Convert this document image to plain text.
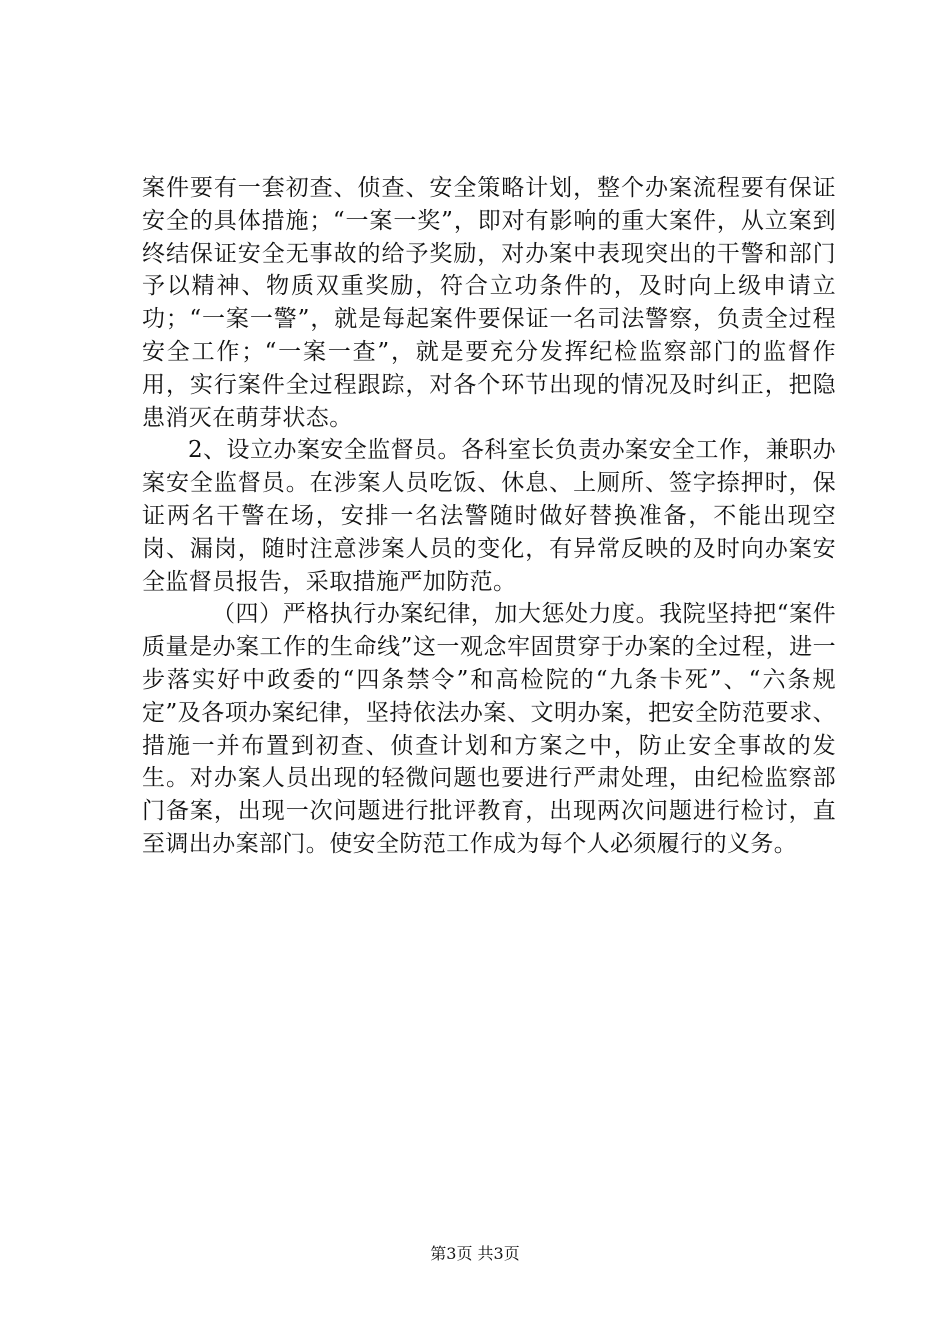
案件要有一套初查、侦查、安全策略计划，整个办案流程要有保证安全的具体措施；“一案一奖”，即对有影响的重大案件，从立案到终结保证安全无事故的给予奖励，对办案中表现突出的干警和部门予以精神、物质双重奖励，符合立功条件的，及时向上级申请立功；“一案一警”，就是每起案件要保证一名司法警察，负责全过程安全工作；“一案一查”，就是要充分发挥纪检监察部门的监督作用，实行案件全过程跟踪，对各个环节出现的情况及时纠正，把隐患消灭在萌芽状态。

2、设立办案安全监督员。各科室长负责办案安全工作，兼职办案安全监督员。在涉案人员吃饭、休息、上厕所、签字捺押时，保证两名干警在场，安排一名法警随时做好替换准备，不能出现空岗、漏岗，随时注意涉案人员的变化，有异常反映的及时向办案安全监督员报告，采取措施严加防范。

（四）严格执行办案纪律，加大惩处力度。我院坚持把“案件质量是办案工作的生命线”这一观念牢固贯穿于办案的全过程，进一步落实好中政委的“四条禁令”和高检院的“九条卡死”、“六条规定”及各项办案纪律，坚持依法办案、文明办案，把安全防范要求、措施一并布置到初查、侦查计划和方案之中，防止安全事故的发生。对办案人员出现的轻微问题也要进行严肃处理，由纪检监察部门备案，出现一次问题进行批评教育，出现两次问题进行检讨，直至调出办案部门。使安全防范工作成为每个人必须履行的义务。

第3页 共3页
